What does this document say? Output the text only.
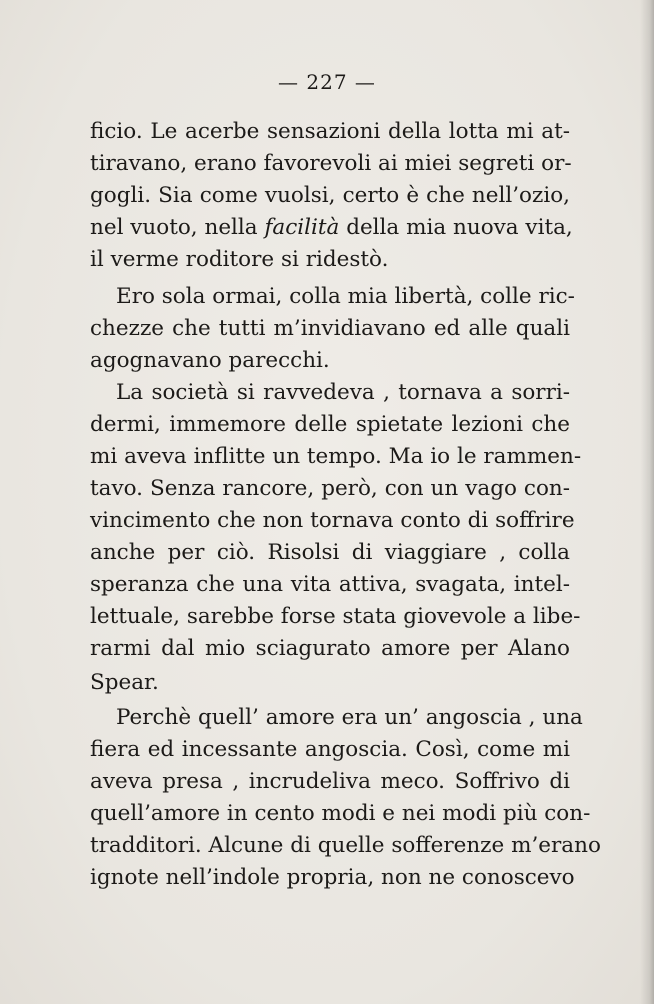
— 227 —
ficio. Le acerbe sensazioni della lotta mi at-
tiravano, erano favorevoli ai miei segreti or-
gogli. Sia come vuolsi, certo è che nell’ozio,
nel vuoto, nella facilità della mia nuova vita,
il verme roditore si ridestò.
Ero sola ormai, colla mia libertà, colle ric-
chezze che tutti m’invidiavano ed alle quali
agognavano parecchi.
La società si ravvedeva , tornava a sorri-
dermi, immemore delle spietate lezioni che
mi aveva inflitte un tempo. Ma io le rammen-
tavo. Senza rancore, però, con un vago con-
vincimento che non tornava conto di soffrire
anche per ciò. Risolsi di viaggiare , colla
speranza che una vita attiva, svagata, intel-
lettuale, sarebbe forse stata giovevole a libe-
rarmi dal mio sciagurato amore per Alano
Spear.
Perchè quell’ amore era un’ angoscia , una
fiera ed incessante angoscia. Così, come mi
aveva presa , incrudeliva meco. Soffrivo di
quell’amore in cento modi e nei modi più con-
tradditori. Alcune di quelle sofferenze m’erano
ignote nell’indole propria, non ne conoscevo
